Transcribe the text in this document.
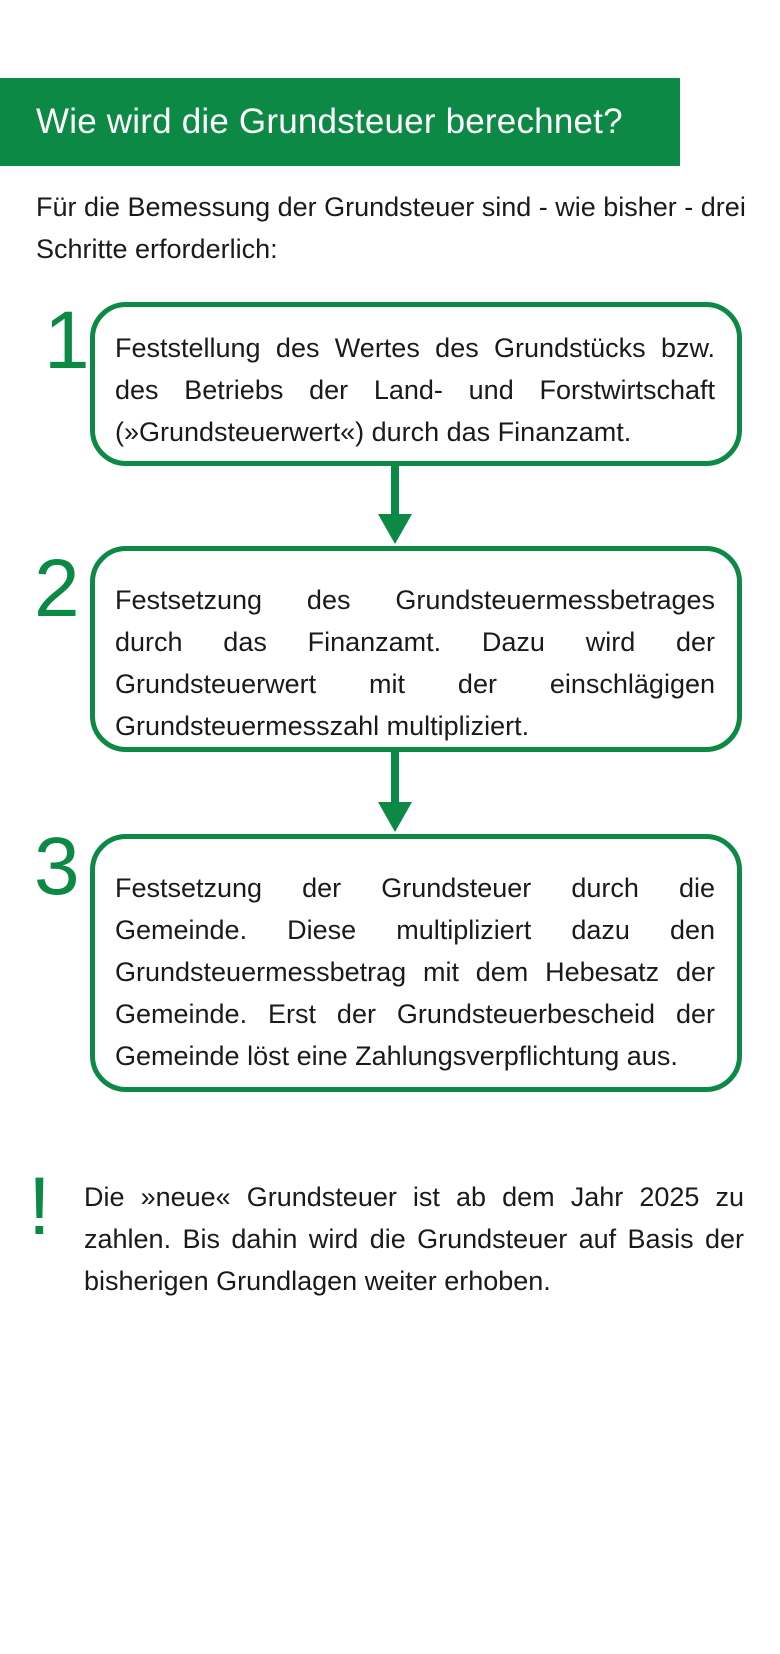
Wie wird die Grundsteuer berechnet?

Für die Bemessung der Grundsteuer sind - wie bisher - drei Schritte erforderlich:

1 Feststellung des Wertes des Grundstücks bzw. des Betriebs der Land- und Forstwirtschaft (»Grundsteuerwert«) durch das Finanzamt.

2 Festsetzung des Grundsteuermessbetrages durch das Finanzamt. Dazu wird der Grundsteuerwert mit der einschlägigen Grundsteuermesszahl multipliziert.

3 Festsetzung der Grundsteuer durch die Gemeinde. Diese multipliziert dazu den Grundsteuermessbetrag mit dem Hebesatz der Gemeinde. Erst der Grundsteuerbescheid der Gemeinde löst eine Zahlungsverpflichtung aus.

! Die »neue« Grundsteuer ist ab dem Jahr 2025 zu zahlen. Bis dahin wird die Grundsteuer auf Basis der bisherigen Grundlagen weiter erhoben.
